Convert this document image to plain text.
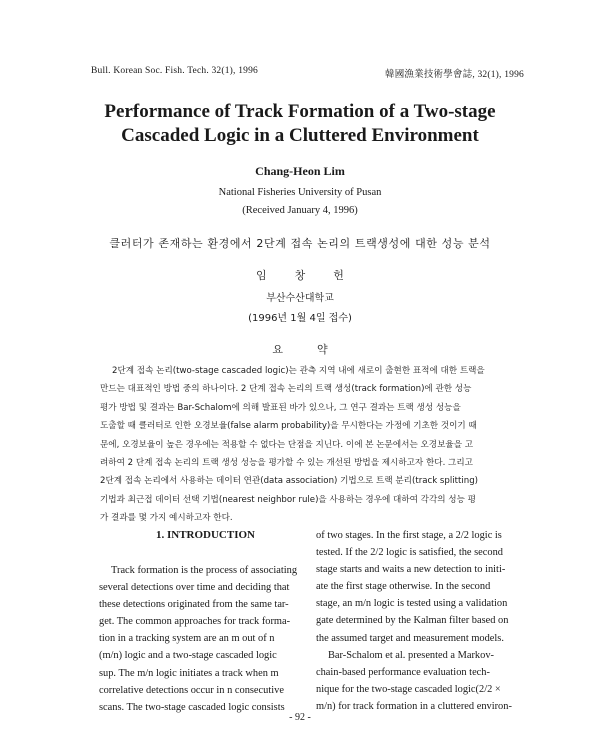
Bull. Korean Soc. Fish. Tech. 32(1), 1996	韓國漁業技術學會誌, 32(1), 1996
Performance of Track Formation of a Two-stage
Cascaded Logic in a Cluttered Environment
Chang-Heon Lim
National Fisheries University of Pusan
(Received January 4, 1996)
클러터가 존재하는 환경에서 2단계 접속 논리의 트랙생성에 대한 성능 분석
임창헌
부산수산대학교
(1996년 1월 4일 접수)
요약
2단계 접속 논리(two-stage cascaded logic)는 관측 지역 내에 새로이 출현한 표적에 대한 트랙을
만드는 대표적인 방법 중의 하나이다. 2 단계 접속 논리의 트랙 생성(track formation)에 관한 성능
평가 방법 및 결과는 Bar-Schalom에 의해 발표된 바가 있으나, 그 연구 결과는 트랙 생성 성능을
도출할 때 클러터로 인한 오경보율(false alarm probability)을 무시한다는 가정에 기초한 것이기 때
문에, 오경보율이 높은 경우에는 적용할 수 없다는 단점을 지닌다. 이에 본 논문에서는 오경보율을 고
려하여 2 단계 접속 논리의 트랙 생성 성능을 평가할 수 있는 개선된 방법을 제시하고자 한다. 그리고
2단계 접속 논리에서 사용하는 데이터 연관(data association) 기법으로 트랙 분리(track splitting)
기법과 최근접 데이터 선택 기법(nearest neighbor rule)을 사용하는 경우에 대하여 각각의 성능 평
가 결과를 몇 가지 예시하고자 한다.
1. INTRODUCTION

Track formation is the process of associating
several detections over time and deciding that
these detections originated from the same tar-
get. The common approaches for track forma-
tion in a tracking system are an m out of n
(m/n) logic and a two-stage cascaded logic
sup. The m/n logic initiates a track when m
correlative detections occur in n consecutive
scans. The two-stage cascaded logic consists

of two stages. In the first stage, a 2/2 logic is
tested. If the 2/2 logic is satisfied, the second
stage starts and waits a new detection to initi-
ate the first stage otherwise. In the second
stage, an m/n logic is tested using a validation
gate determined by the Kalman filter based on
the assumed target and measurement models.
Bar-Schalom et al. presented a Markov-
chain-based performance evaluation tech-
nique for the two-stage cascaded logic(2/2 ×
m/n) for track formation in a cluttered environ-

- 92 -
